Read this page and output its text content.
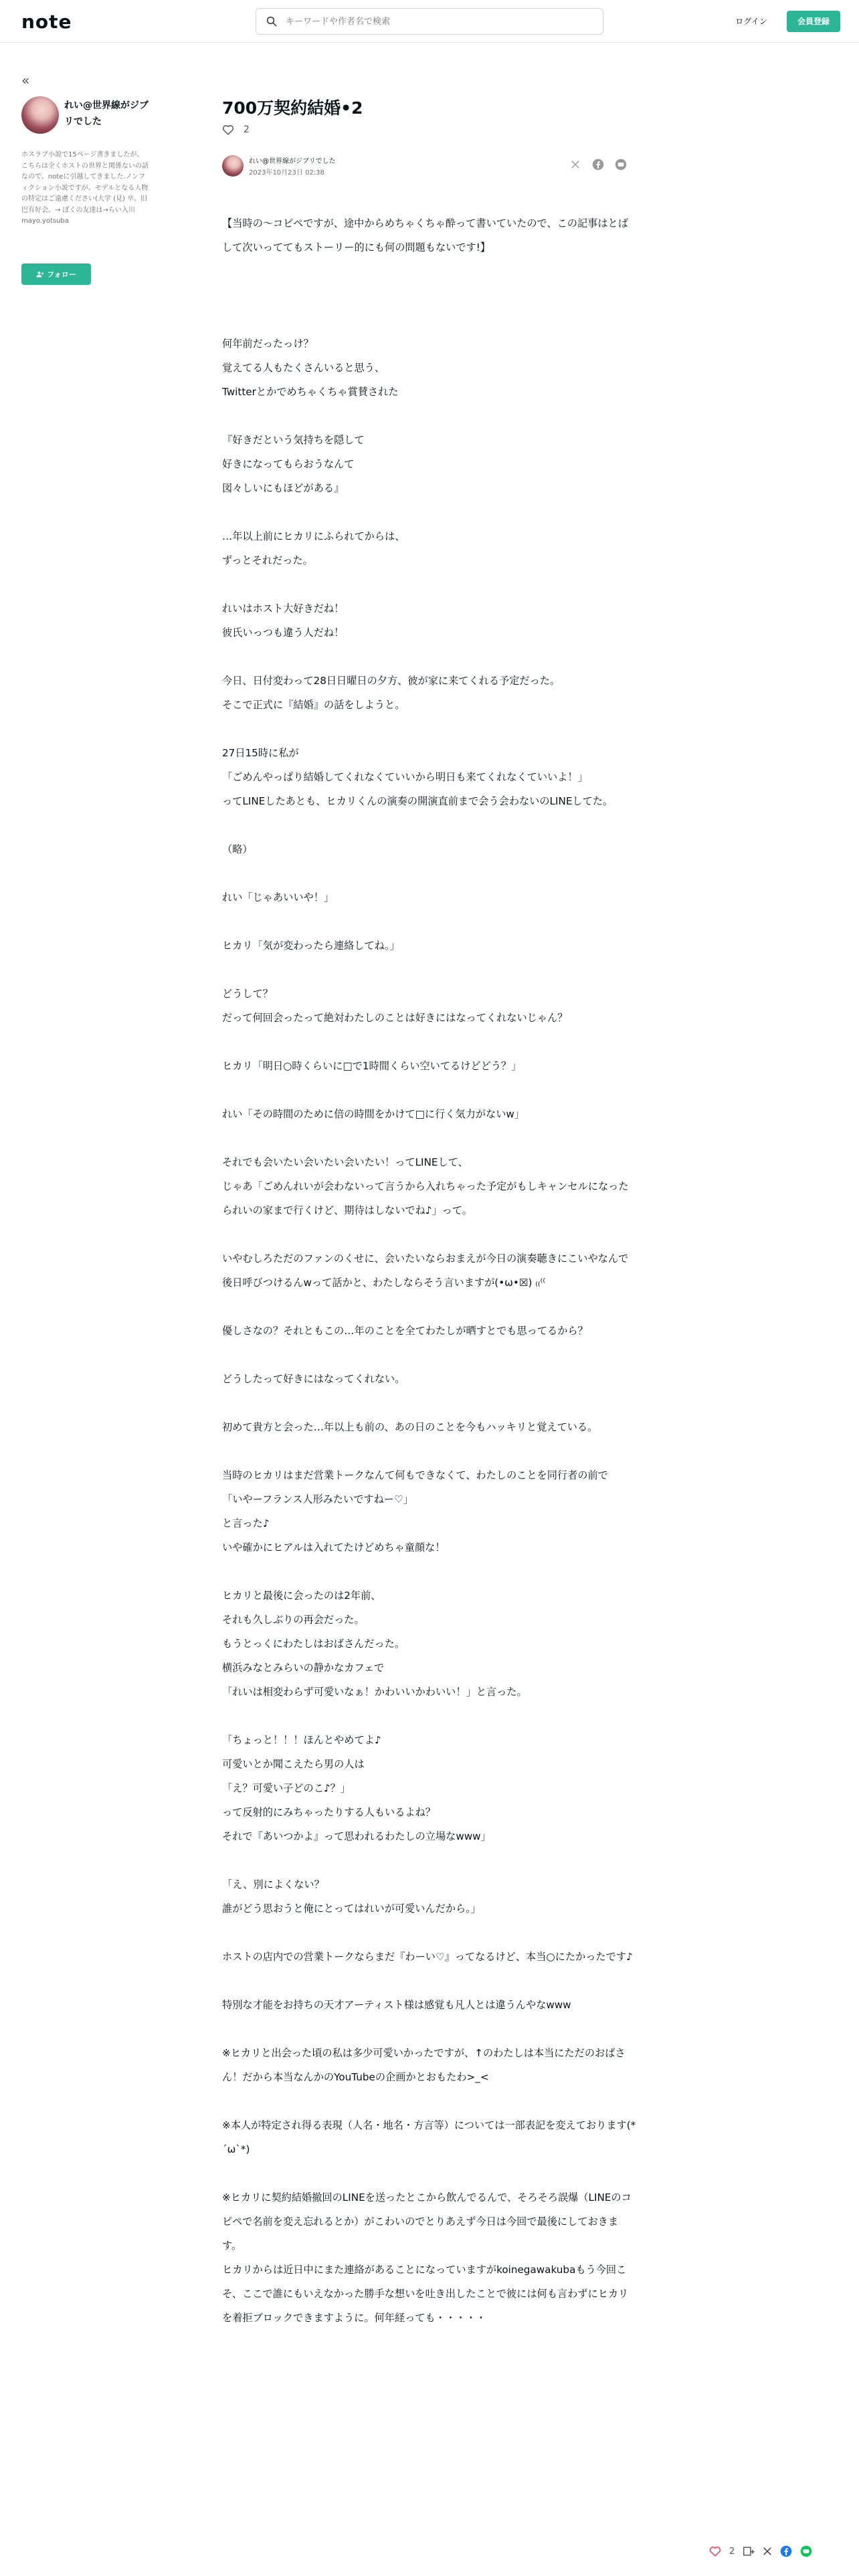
note
キーワードや作者名で検索	ログイン	会員登録
«
れい@世界線がジブリでした
ホスラブ小説で15ページ書きましたが、こちらは全くホストの世界と関係ないの話なので、noteに引越してきました.ノンフィクション小説ですが、モデルとなる人物の特定はご遠慮ください(大学 (見) 卒。旧巴有好会。→ ぼくの友達は→らい入川 mayo.yotsuba
フォロー
700万契約結婚•2
2
れい@世界線がジブリでした
2023年10月23日 02:38

【当時の〜コピペですが、途中からめちゃくちゃ酔って書いていたので、この記事はとばして次いっててもストーリー的にも何の問題もないです!】

何年前だったっけ？
覚えてる人もたくさんいると思う、
Twitterとかでめちゃくちゃ賞賛された

『好きだという気持ちを隠して
好きになってもらおうなんて
図々しいにもほどがある』

…年以上前にヒカリにふられてからは、
ずっとそれだった。

れいはホスト大好きだね！
彼氏いっつも違う人だね！

今日、日付変わって28日日曜日の夕方、彼が家に来てくれる予定だった。
そこで正式に『結婚』の話をしようと。

27日15時に私が
「ごめんやっぱり結婚してくれなくていいから明日も来てくれなくていいよ！」
ってLINEしたあとも、ヒカリくんの演奏の開演直前まで会う会わないのLINEしてた。

（略）

れい「じゃあいいや！」

ヒカリ「気が変わったら連絡してね。」

どうして？
だって何回会ったって絶対わたしのことは好きにはなってくれないじゃん？

ヒカリ「明日○時くらいに□で1時間くらい空いてるけどどう？」

れい「その時間のために倍の時間をかけて□に行く気力がないw」

それでも会いたい会いたい会いたい！ってLINEして、
じゃあ「ごめんれいが会わないって言うから入れちゃった予定がもしキャンセルになったられいの家まで行くけど、期待はしないでね♪」って。

いやむしろただのファンのくせに、会いたいならおまえが今日の演奏聴きにこいやなんで後日呼びつけるんwって話かと、わたしならそう言いますが(•ω•☒) ₍₍⁽⁽

優しさなの？それともこの…年のことを全てわたしが晒すとでも思ってるから？

どうしたって好きにはなってくれない。

初めて貴方と会った…年以上も前の、あの日のことを今もハッキリと覚えている。

当時のヒカリはまだ営業トークなんて何もできなくて、わたしのことを同行者の前で
「いやーフランス人形みたいですねー♡」
と言った♪
いや確かにヒアルは入れてたけどめちゃ童顔な！

ヒカリと最後に会ったのは2年前、
それも久しぶりの再会だった。
もうとっくにわたしはおばさんだった。
横浜みなとみらいの静かなカフェで
「れいは相変わらず可愛いなぁ！かわいいかわいい！」と言った。

「ちょっと！！！ほんとやめてよ♪
可愛いとか聞こえたら男の人は
「え？可愛い子どのこ♪？」
って反射的にみちゃったりする人もいるよね？
それで『あいつかよ』って思われるわたしの立場なwww」

「え、別によくない？
誰がどう思おうと俺にとってはれいが可愛いんだから。」

ホストの店内での営業トークならまだ『わーい♡』ってなるけど、本当○にたかったです♪

特別な才能をお持ちの天才アーティスト様は感覚も凡人とは違うんやなwww

※ヒカリと出会った頃の私は多少可愛いかったですが、↑のわたしは本当にただのおばさん！だから本当なんかのYouTubeの企画かとおもたわ>_<

※本人が特定され得る表現（人名・地名・方言等）については一部表記を変えております(*´ω`*)

※ヒカリに契約結婚撤回のLINEを送ったとこから飲んでるんで、そろそろ誤爆（LINEのコピペで名前を変え忘れるとか）がこわいのでとりあえず今日は今回で最後にしておきます。
ヒカリからは近日中にまた連絡があることになっていますがkoinegawakubaもう今回こそ、ここで誰にもいえなかった勝手な想いを吐き出したことで彼には何も言わずにヒカリを着拒ブロックできますように。何年経っても・・・・・

2
